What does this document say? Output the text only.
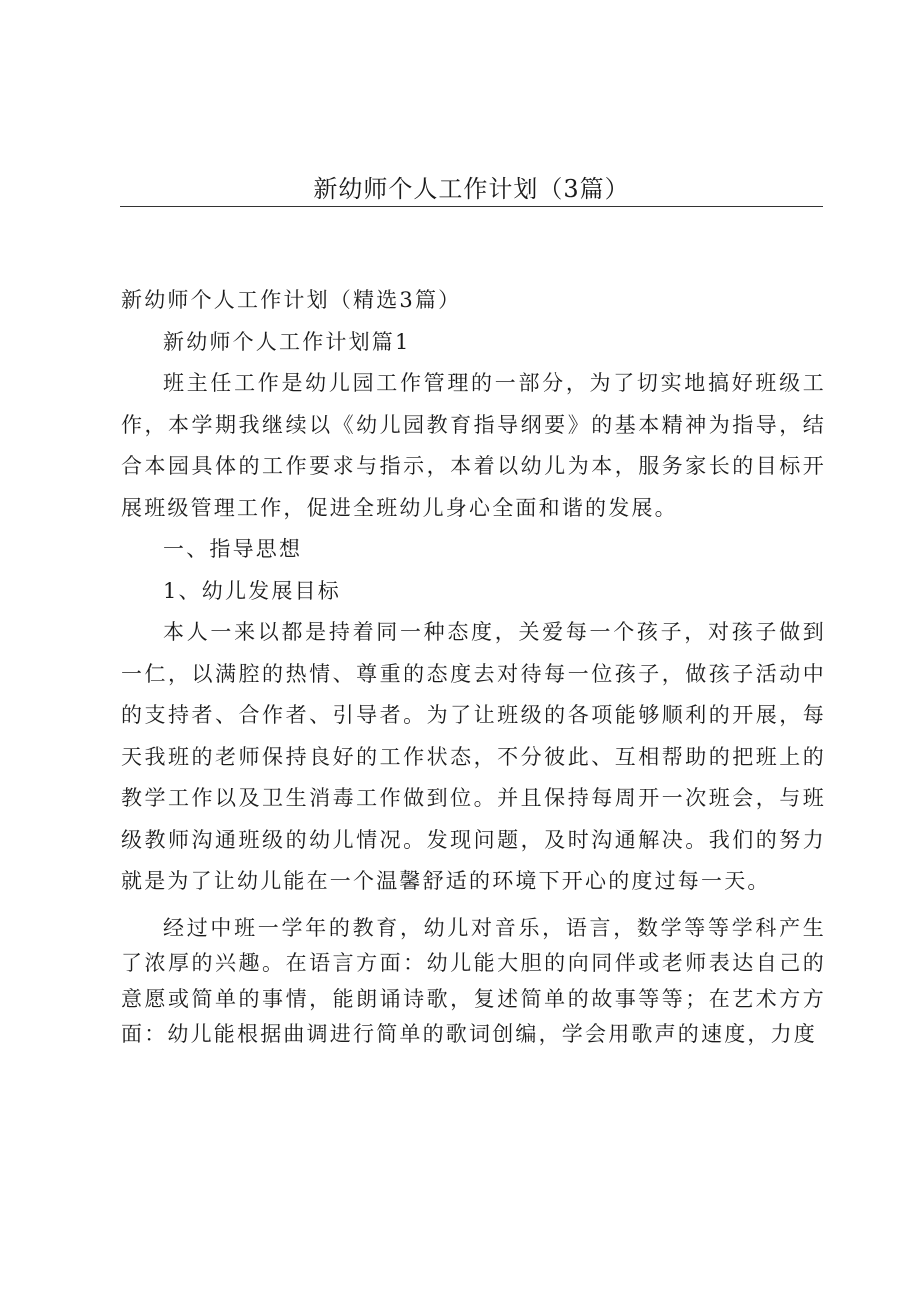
新幼师个人工作计划（3篇）

新幼师个人工作计划（精选3篇）

新幼师个人工作计划篇1

班主任工作是幼儿园工作管理的一部分，为了切实地搞好班级工作，本学期我继续以《幼儿园教育指导纲要》的基本精神为指导，结合本园具体的工作要求与指示，本着以幼儿为本，服务家长的目标开展班级管理工作，促进全班幼儿身心全面和谐的发展。

一、指导思想

1、幼儿发展目标

本人一来以都是持着同一种态度，关爱每一个孩子，对孩子做到一仁，以满腔的热情、尊重的态度去对待每一位孩子，做孩子活动中的支持者、合作者、引导者。为了让班级的各项能够顺利的开展，每天我班的老师保持良好的工作状态，不分彼此、互相帮助的把班上的教学工作以及卫生消毒工作做到位。并且保持每周开一次班会，与班级教师沟通班级的幼儿情况。发现问题，及时沟通解决。我们的努力就是为了让幼儿能在一个温馨舒适的环境下开心的度过每一天。

经过中班一学年的教育，幼儿对音乐，语言，数学等等学科产生了浓厚的兴趣。在语言方面：幼儿能大胆的向同伴或老师表达自己的意愿或简单的事情，能朗诵诗歌，复述简单的故事等等；在艺术方方面：幼儿能根据曲调进行简单的歌词创编，学会用歌声的速度，力度
